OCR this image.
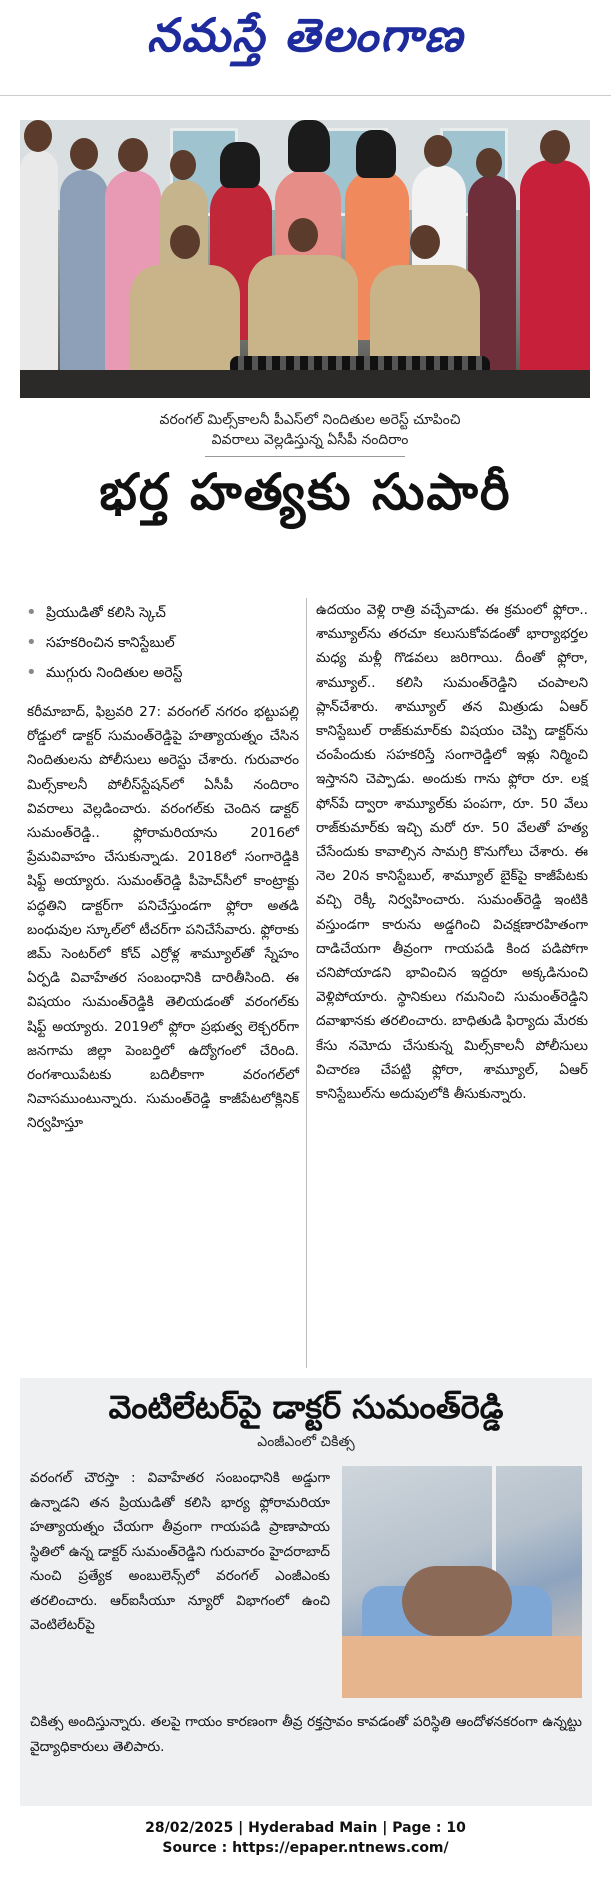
నమస్తే తెలంగాణ
వరంగల్ మిల్స్‌కాలనీ పీఎస్‌లో నిందితుల అరెస్ట్ చూపించి
వివరాలు వెల్లడిస్తున్న ఏసీపీ నందిరాం
భర్త హత్యకు సుపారీ
• ప్రియుడితో కలిసి స్కెచ్
• సహకరించిన కానిస్టేబుల్
• ముగ్గురు నిందితుల అరెస్ట్
కరీమాబాద్, ఫిబ్రవరి 27: వరంగల్ నగరం భట్టుపల్లి రోడ్డులో డాక్టర్ సుమంత్‌రెడ్డిపై హత్యాయత్నం చేసిన నిందితులను పోలీసులు అరెస్టు చేశారు. గురువారం మిల్స్‌కాలనీ పోలీస్‌స్టేషన్‌లో ఏసీపీ నందిరాం వివరాలు వెల్లడించారు. వరంగల్‌కు చెందిన డాక్టర్ సుమంత్‌రెడ్డి.. ఫ్లోరామరియాను 2016లో ప్రేమవివాహం చేసుకున్నాడు. 2018లో సంగారెడ్డికి షిఫ్ట్ అయ్యారు. సుమంత్‌రెడ్డి పీహెచ్‌సీలో కాంట్రాక్టు పద్ధతిని డాక్టర్‌గా పనిచేస్తుండగా ఫ్లోరా అతడి బంధువుల స్కూల్‌లో టీచర్‌గా పనిచేసేవారు. ఫ్లోరాకు జిమ్ సెంటర్‌లో కోచ్ ఎర్రోళ్ల శామ్యూల్‌తో స్నేహం ఏర్పడి వివాహేతర సంబంధానికి దారితీసింది. ఈ విషయం సుమంత్‌రెడ్డికి తెలియడంతో వరంగల్‌కు షిఫ్ట్ అయ్యారు. 2019లో ఫ్లోరా ప్రభుత్వ లెక్చరర్‌గా జనగామ జిల్లా పెంబర్తిలో ఉద్యోగంలో చేరింది. రంగశాయిపేటకు బదిలీకాగా వరంగల్‌లో నివాసముంటున్నారు. సుమంత్‌రెడ్డి కాజీపేటలోక్లినిక్ నిర్వహిస్తూ
ఉదయం వెళ్లి రాత్రి వచ్చేవాడు. ఈ క్రమంలో ఫ్లోరా.. శామ్యూల్‌ను తరచూ కలుసుకోవడంతో భార్యాభర్తల మధ్య మళ్లీ గొడవలు జరిగాయి. దీంతో ఫ్లోరా, శామ్యూల్.. కలిసి సుమంత్‌రెడ్డిని చంపాలని ప్లాన్‌చేశారు. శామ్యూల్ తన మిత్రుడు ఏఆర్ కానిస్టేబుల్ రాజ్‌కుమార్‌కు విషయం చెప్పి డాక్టర్‌ను చంపేందుకు సహకరిస్తే సంగారెడ్డిలో ఇళ్లు నిర్మించి ఇస్తానని చెప్పాడు. అందుకు గాను ఫ్లోరా రూ. లక్ష ఫోన్‌పే ద్వారా శామ్యూల్‌కు పంపగా, రూ. 50 వేలు రాజ్‌కుమార్‌కు ఇచ్చి మరో రూ. 50 వేలతో హత్య చేసేందుకు కావాల్సిన సామగ్రి కొనుగోలు చేశారు. ఈ నెల 20న కానిస్టేబుల్, శామ్యూల్ బైక్‌పై కాజీపేటకు వచ్చి రెక్కీ నిర్వహించారు. సుమంత్‌రెడ్డి ఇంటికి వస్తుండగా కారును అడ్డగించి విచక్షణారహితంగా దాడిచేయగా తీవ్రంగా గాయపడి కింద పడిపోగా చనిపోయాడని భావించిన ఇద్దరూ అక్కడినుంచి వెళ్లిపోయారు. స్థానికులు గమనించి సుమంత్‌రెడ్డిని దవాఖానకు తరలించారు. బాధితుడి ఫిర్యాదు మేరకు కేసు నమోదు చేసుకున్న మిల్స్‌కాలనీ పోలీసులు విచారణ చేపట్టి ఫ్లోరా, శామ్యూల్, ఏఆర్ కానిస్టేబుల్‌ను అదుపులోకి తీసుకున్నారు.
వెంటిలేటర్‌పై డాక్టర్ సుమంత్‌రెడ్డి
ఎంజీఎంలో చికిత్స
వరంగల్ చౌరస్తా : వివాహేతర సంబంధానికి అడ్డుగా ఉన్నాడని తన ప్రియుడితో కలిసి భార్య ఫ్లోరామరియా హత్యాయత్నం చేయగా తీవ్రంగా గాయపడి ప్రాణాపాయ స్థితిలో ఉన్న డాక్టర్ సుమంత్‌రెడ్డిని గురువారం హైదరాబాద్ నుంచి ప్రత్యేక అంబులెన్స్‌లో వరంగల్ ఎంజీఎంకు తరలించారు. ఆర్ఐసీయూ న్యూరో విభాగంలో ఉంచి వెంటిలేటర్‌పై
చికిత్స అందిస్తున్నారు. తలపై గాయం కారణంగా తీవ్ర రక్తస్రావం కావడంతో పరిస్థితి ఆందోళనకరంగా ఉన్నట్టు వైద్యాధికారులు తెలిపారు.
28/02/2025 | Hyderabad Main | Page : 10
Source : https://epaper.ntnews.com/
